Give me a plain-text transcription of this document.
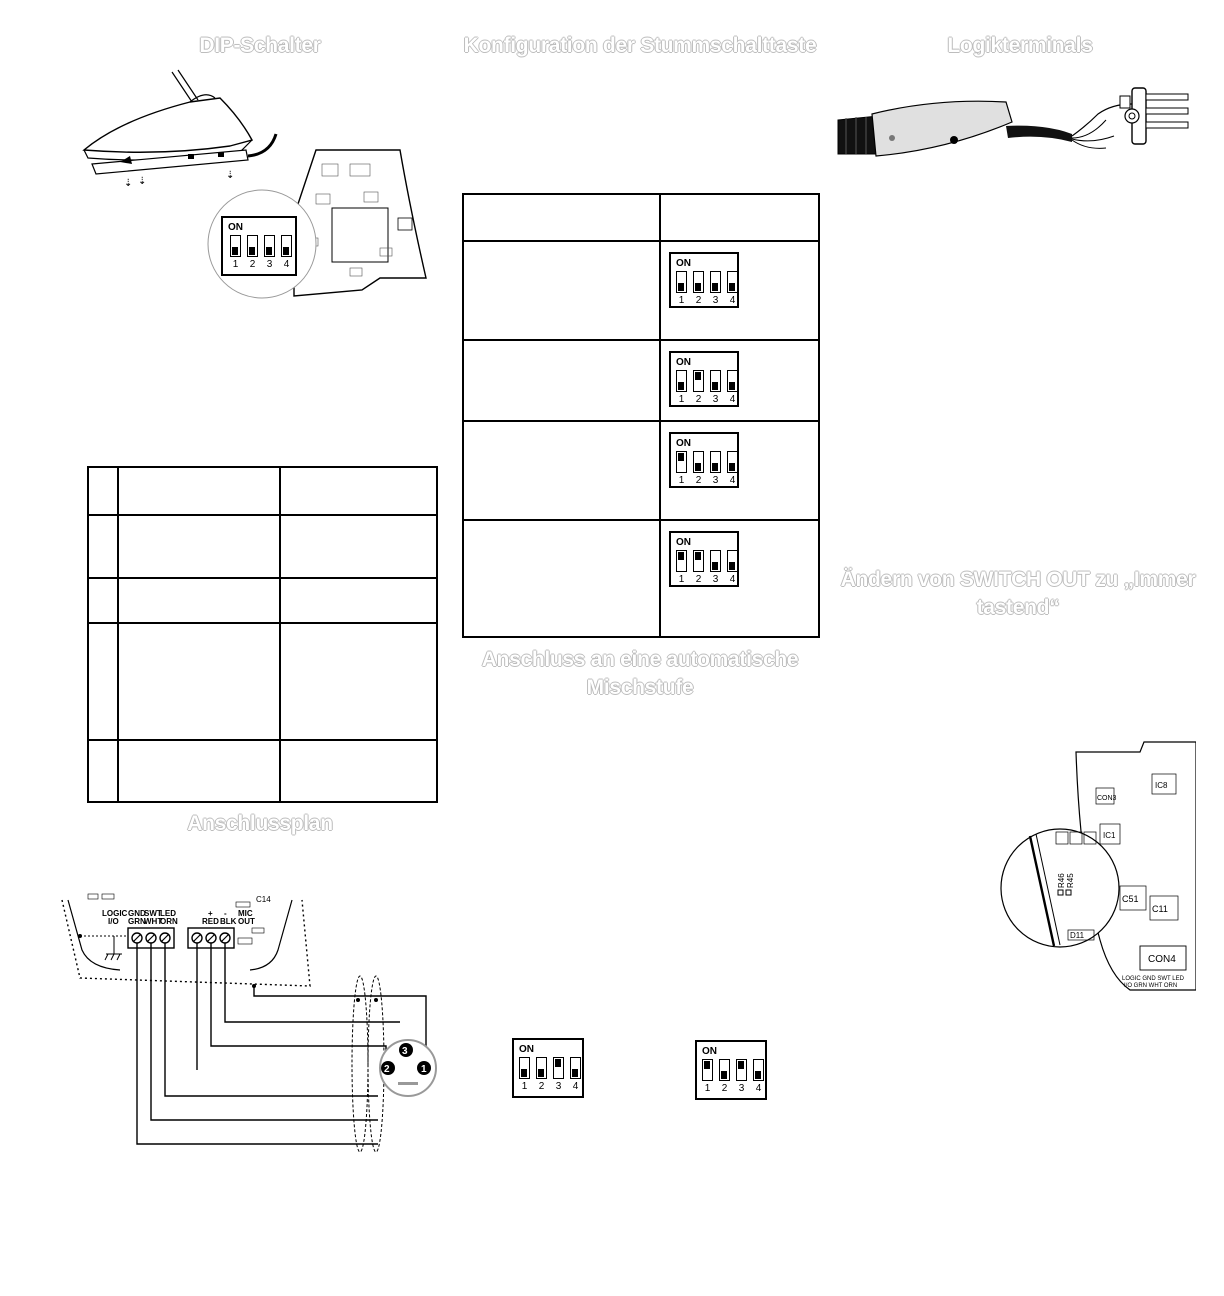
DIP-Schalter	Konfiguration der Stummschalttaste	Logikterminals
Ändern von SWITCH OUT zu „Immer tastend“
Anschluss an eine automatische Mischstufe
Anschlussplan
⇣ ⇣
⇣
ON
1 2 3 4

		ON
1 2 3 4
ON
1 2 3 4
ON
1 2 3 4
ON
1 2 3 4
ON
1 2 3 4
ON
1 2 3 4
CON3
IC8
IC1
C51
C11
CON4
LOGIC GND SWT LED
I/O GRN WHT ORN
R46 R45
D11
C14
LOGIC
I/O
GND
GRN
SWT
WHT
LED
ORN
+ -
RED BLK
MIC
OUT
3
2	1
